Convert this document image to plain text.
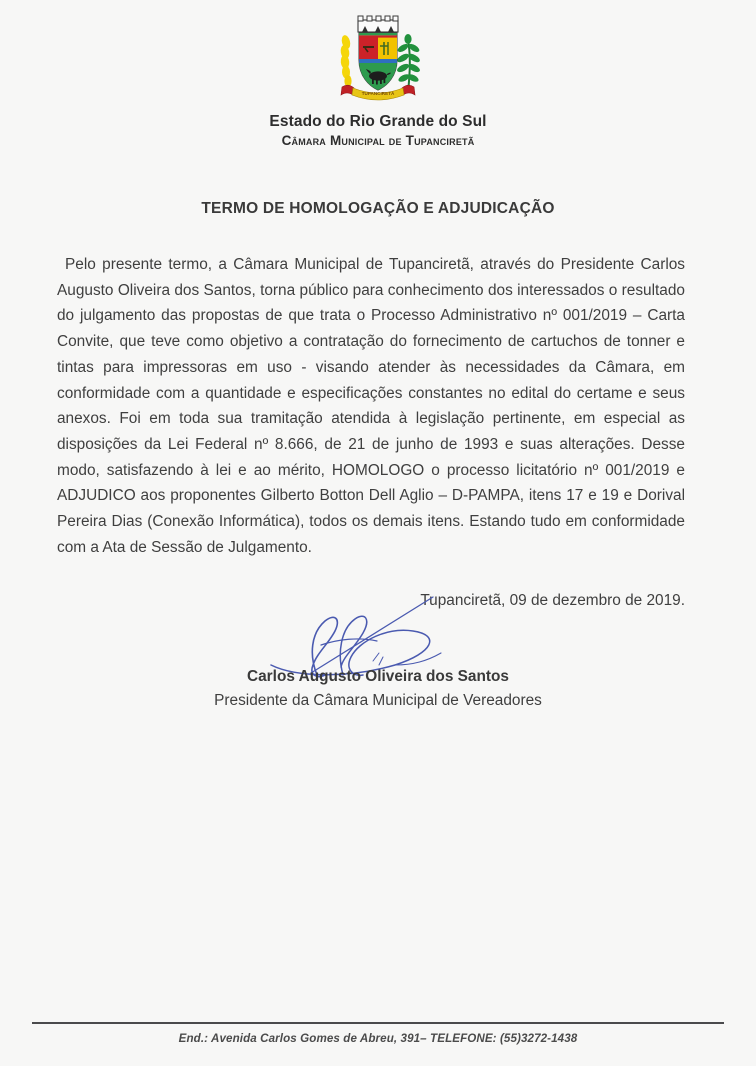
TUPANCIRETÃ
Estado do Rio Grande do Sul
Câmara Municipal de Tupanciretã
TERMO DE HOMOLOGAÇÃO E ADJUDICAÇÃO

Pelo presente termo, a Câmara Municipal de Tupanciretã, através do Presidente Carlos Augusto Oliveira dos Santos, torna público para conhecimento dos interessados o resultado do julgamento das propostas de que trata o Processo Administrativo nº 001/2019 – Carta Convite, que teve como objetivo a contratação do fornecimento de cartuchos de tonner e tintas para impressoras em uso - visando atender às necessidades da Câmara, em conformidade com a quantidade e especificações constantes no edital do certame e seus anexos. Foi em toda sua tramitação atendida à legislação pertinente, em especial as disposições da Lei Federal nº 8.666, de 21 de junho de 1993 e suas alterações. Desse modo, satisfazendo à lei e ao mérito, HOMOLOGO o processo licitatório nº 001/2019 e ADJUDICO aos proponentes Gilberto Botton Dell Aglio – D-PAMPA, itens 17 e 19 e Dorival Pereira Dias (Conexão Informática), todos os demais itens. Estando tudo em conformidade com a Ata de Sessão de Julgamento.

Tupanciretã, 09 de dezembro de 2019.
Carlos Augusto Oliveira dos Santos
Presidente da Câmara Municipal de Vereadores
End.: Avenida Carlos Gomes de Abreu, 391– TELEFONE: (55)3272-1438
